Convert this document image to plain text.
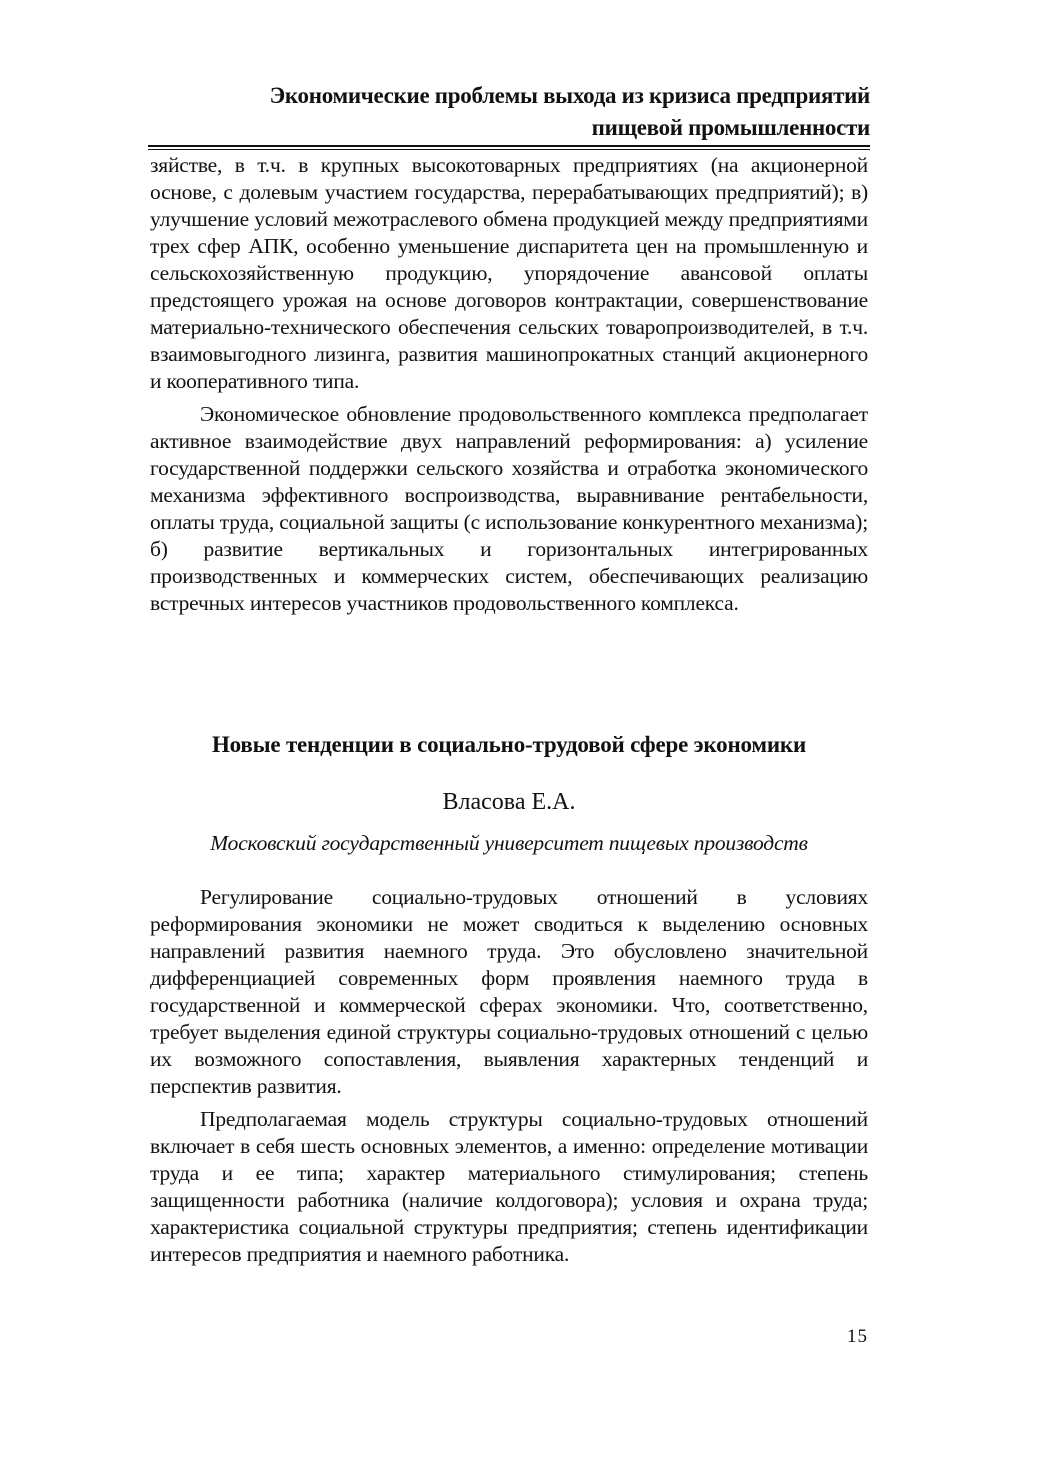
Экономические проблемы выхода из кризиса предприятий
пищевой промышленности

зяйстве, в т.ч. в крупных высокотоварных предприятиях (на акционерной основе, с долевым участием государства, перерабатывающих предприятий); в) улучшение условий межотраслевого обмена продукцией между предприятиями трех сфер АПК, особенно уменьшение диспаритета цен на промышленную и сельскохозяйственную продукцию, упорядочение авансовой оплаты предстоящего урожая на основе договоров контрактации, совершенствование материально-технического обеспечения сельских товаропроизводителей, в т.ч. взаимовыгодного лизинга, развития машинопрокатных станций акционерного и кооперативного типа.

Экономическое обновление продовольственного комплекса предполагает активное взаимодействие двух направлений реформирования: а) усиление государственной поддержки сельского хозяйства и отработка экономического механизма эффективного воспроизводства, выравнивание рентабельности, оплаты труда, социальной защиты (с использование конкурентного механизма); б) развитие вертикальных и горизонтальных интегрированных производственных и коммерческих систем, обеспечивающих реализацию встречных интересов участников продовольственного комплекса.

Новые тенденции в социально-трудовой сфере экономики
Власова Е.А.
Московский государственный университет пищевых производств

Регулирование социально-трудовых отношений в условиях реформирования экономики не может сводиться к выделению основных направлений развития наемного труда. Это обусловлено значительной дифференциацией современных форм проявления наемного труда в государственной и коммерческой сферах экономики. Что, соответственно, требует выделения единой структуры социально-трудовых отношений с целью их возможного сопоставления, выявления характерных тенденций и перспектив развития.

Предполагаемая модель структуры социально-трудовых отношений включает в себя шесть основных элементов, а именно: определение мотивации труда и ее типа; характер материального стимулирования; степень защищенности работника (наличие колдоговора); условия и охрана труда; характеристика социальной структуры предприятия; степень идентификации интересов предприятия и наемного работника.

15
